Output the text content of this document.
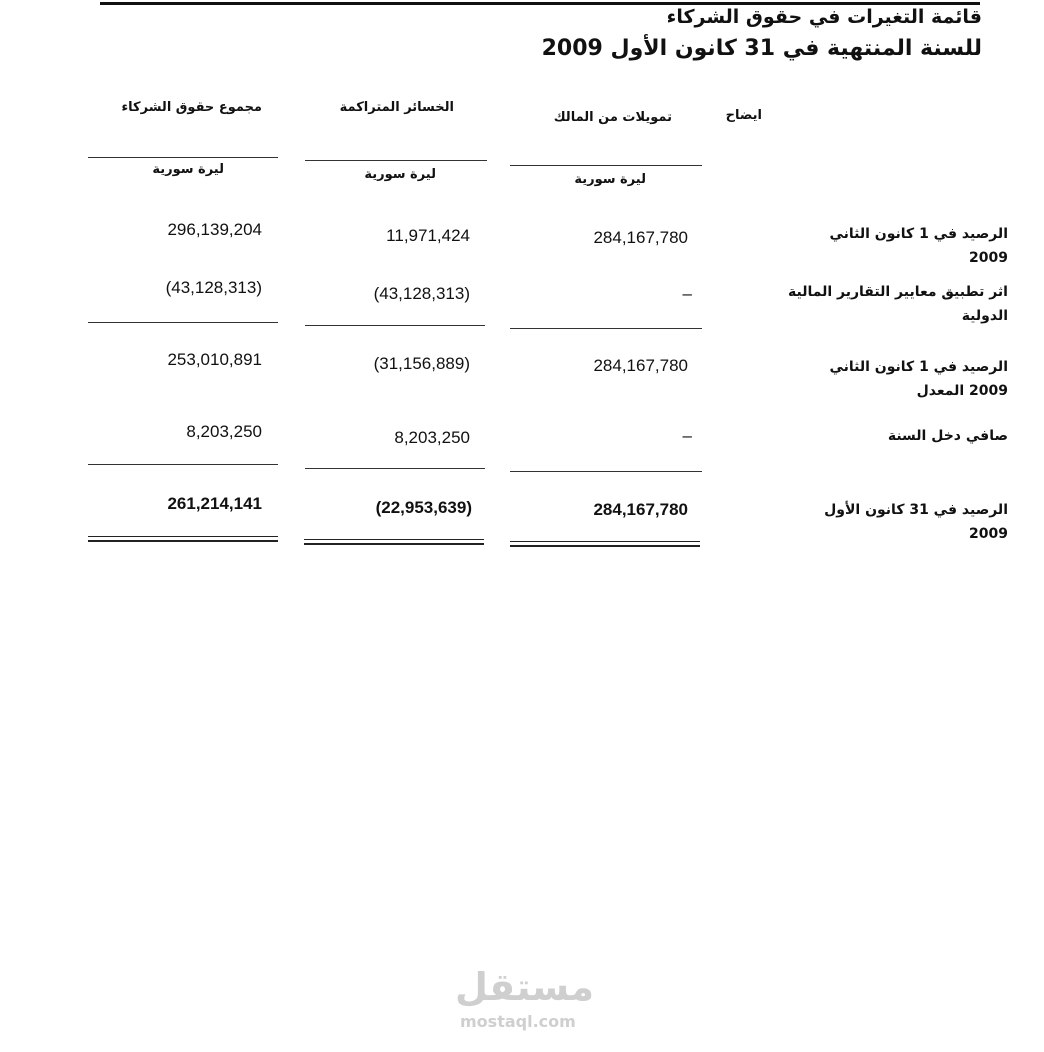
قائمة التغيرات في حقوق الشركاء
للسنة المنتهية في 31 كانون الأول 2009
ايضاح
تمويلات من المالك
الخسائر المتراكمة
مجموع حقوق الشركاء
ليرة سورية
ليرة سورية
ليرة سورية
الرصيد في 1 كانون الثاني 2009
284,167,780
11,971,424
296,139,204
اثر تطبيق معايير التقارير المالية الدولية
–
(43,128,313)
(43,128,313)
الرصيد في 1 كانون الثاني 2009 المعدل
284,167,780
(31,156,889)
253,010,891
صافي دخل السنة
–
8,203,250
8,203,250
الرصيد في 31 كانون الأول 2009
284,167,780
(22,953,639)
261,214,141
مستقل
mostaql.com
